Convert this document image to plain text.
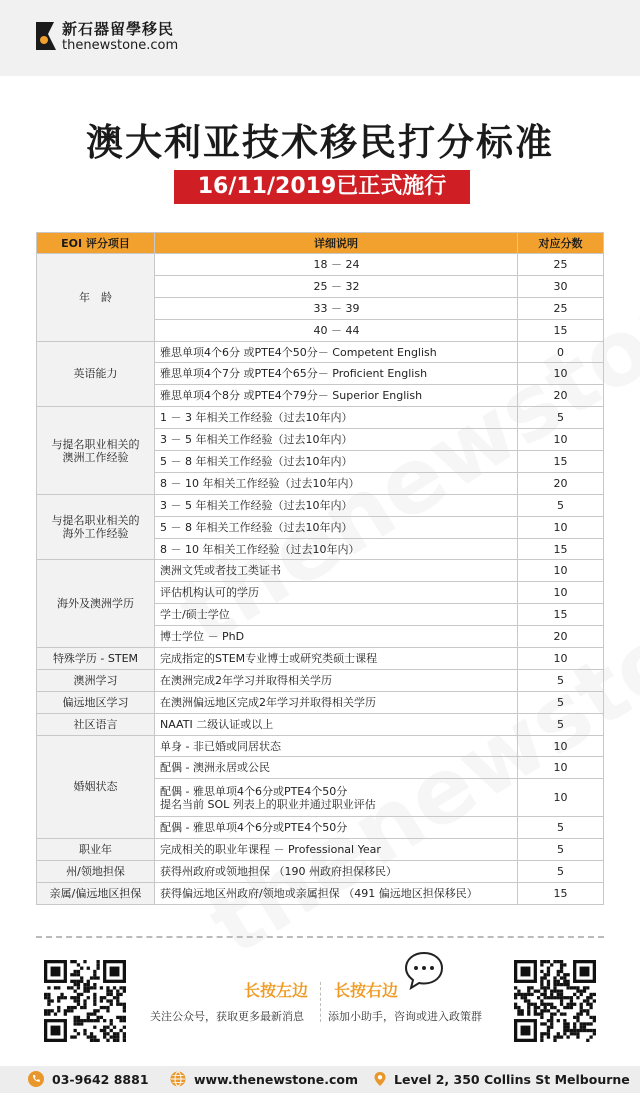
新石器留學移民
thenewstone.com
澳大利亚技术移民打分标准
16/11/2019已正式施行
EOI 评分项目	详细说明	对应分数
年　龄	18 － 24	25
	25 － 32	30
	33 － 39	25
	40 － 44	15
英语能力	雅思单项4个6分 或PTE4个50分－ Competent English	0
	雅思单项4个7分 或PTE4个65分－ Proficient English	10
	雅思单项4个8分 或PTE4个79分－ Superior English	20
与提名职业相关的
澳洲工作经验	1 － 3 年相关工作经验（过去10年内）	5
	3 － 5 年相关工作经验（过去10年内）	10
	5 － 8 年相关工作经验（过去10年内）	15
	8 － 10 年相关工作经验（过去10年内）	20
与提名职业相关的
海外工作经验	3 － 5 年相关工作经验（过去10年内）	5
	5 － 8 年相关工作经验（过去10年内）	10
	8 － 10 年相关工作经验（过去10年内）	15
海外及澳洲学历	澳洲文凭或者技工类证书	10
	评估机构认可的学历	10
	学士/硕士学位	15
	博士学位 － PhD	20
特殊学历 - STEM	完成指定的STEM专业博士或研究类硕士课程	10
澳洲学习	在澳洲完成2年学习并取得相关学历	5
偏远地区学习	在澳洲偏远地区完成2年学习并取得相关学历	5
社区语言	NAATI 二级认证或以上	5
婚姻状态	单身 - 非已婚或同居状态	10
	配偶 - 澳洲永居或公民	10
	配偶 - 雅思单项4个6分或PTE4个50分
提名当前 SOL 列表上的职业并通过职业评估	10
	配偶 - 雅思单项4个6分或PTE4个50分	5
职业年	完成相关的职业年课程 － Professional Year	5
州/领地担保	获得州政府或领地担保 （190 州政府担保移民）	5
亲属/偏远地区担保	获得偏远地区州政府/领地或亲属担保 （491 偏远地区担保移民）	15
长按左边 长按右边
关注公众号，获取更多最新消息 添加小助手，咨询或进入政策群
03-9642 8881	www.thenewstone.com	Level 2, 350 Collins St Melbourne
